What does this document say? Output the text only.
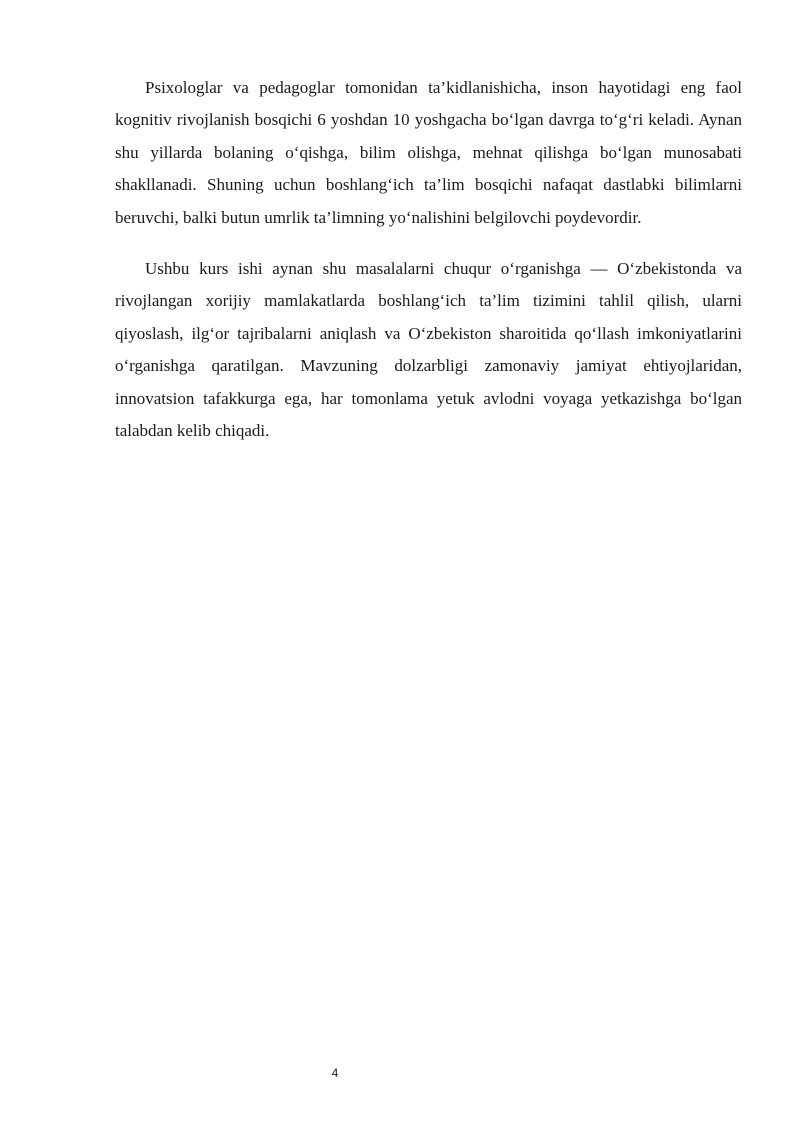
Psixologlar va pedagoglar tomonidan ta’kidlanishicha, inson hayotidagi eng faol kognitiv rivojlanish bosqichi 6 yoshdan 10 yoshgacha bo‘lgan davrga to‘g‘ri keladi. Aynan shu yillarda bolaning o‘qishga, bilim olishga, mehnat qilishga bo‘lgan munosabati shakllanadi. Shuning uchun boshlang‘ich ta’lim bosqichi nafaqat dastlabki bilimlarni beruvchi, balki butun umrlik ta’limning yo‘nalishini belgilovchi poydevordir.

Ushbu kurs ishi aynan shu masalalarni chuqur o‘rganishga — O‘zbekistonda va rivojlangan xorijiy mamlakatlarda boshlang‘ich ta’lim tizimini tahlil qilish, ularni qiyoslash, ilg‘or tajribalarni aniqlash va O‘zbekiston sharoitida qo‘llash imkoniyatlarini o‘rganishga qaratilgan. Mavzuning dolzarbligi zamonaviy jamiyat ehtiyojlaridan, innovatsion tafakkurga ega, har tomonlama yetuk avlodni voyaga yetkazishga bo‘lgan talabdan kelib chiqadi.

4
